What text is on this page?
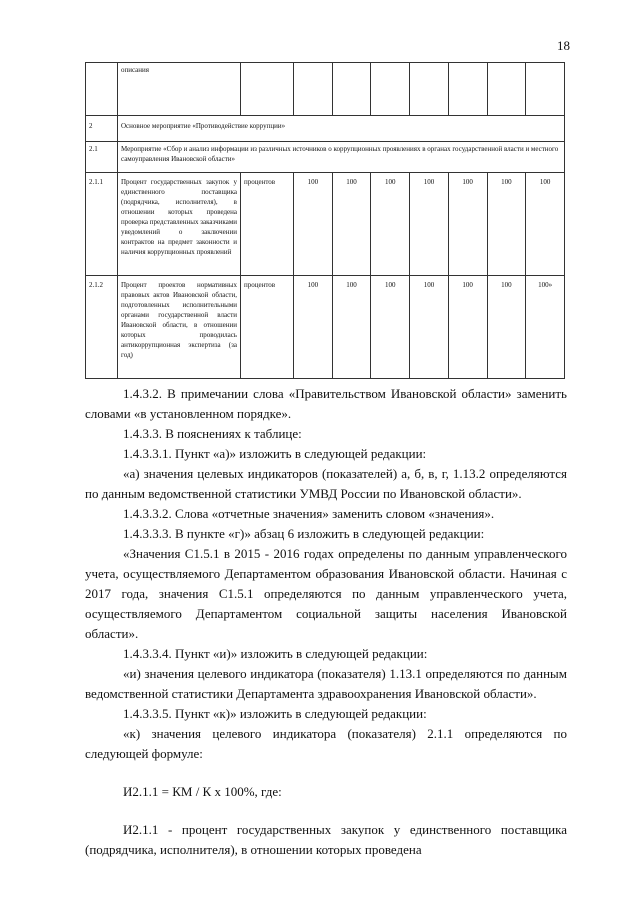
18
	описания								
2	Основное мероприятие «Противодействие коррупции»								
2.1	Мероприятие «Сбор и анализ информации из различных источников о коррупционных проявлениях в органах государственной власти и местного самоуправления Ивановской области»								
2.1.1	Процент государственных закупок у единственного поставщика (подрядчика, исполнителя), в отношении которых проведена проверка представленных заказчиками уведомлений о заключении контрактов на предмет законности и наличия коррупционных проявлений	процентов	100	100	100	100	100	100	100
2.1.2	Процент проектов нормативных правовых актов Ивановской области, подготовленных исполнительными органами государственной власти Ивановской области, в отношении которых проводилась антикоррупционная экспертиза (за год)	процентов	100	100	100	100	100	100	100»

1.4.3.2. В примечании слова «Правительством Ивановской области» заменить словами «в установленном порядке».

1.4.3.3. В пояснениях к таблице:

1.4.3.3.1. Пункт «а)» изложить в следующей редакции:

«а) значения целевых индикаторов (показателей) а, б, в, г, 1.13.2 определяются по данным ведомственной статистики УМВД России по Ивановской области».

1.4.3.3.2. Слова «отчетные значения» заменить словом «значения».

1.4.3.3.3. В пункте «г)» абзац 6 изложить в следующей редакции:

«Значения С1.5.1 в 2015 - 2016 годах определены по данным управленческого учета, осуществляемого Департаментом образования Ивановской области. Начиная с 2017 года, значения С1.5.1 определяются по данным управленческого учета, осуществляемого Департаментом социальной защиты населения Ивановской области».

1.4.3.3.4. Пункт «и)» изложить в следующей редакции:

«и) значения целевого индикатора (показателя) 1.13.1 определяются по данным ведомственной статистики Департамента здравоохранения Ивановской области».

1.4.3.3.5. Пункт «к)» изложить в следующей редакции:

«к) значения целевого индикатора (показателя) 2.1.1 определяются по следующей формуле:

И2.1.1 = КМ / К х 100%, где:

И2.1.1 - процент государственных закупок у единственного поставщика (подрядчика, исполнителя), в отношении которых проведена
